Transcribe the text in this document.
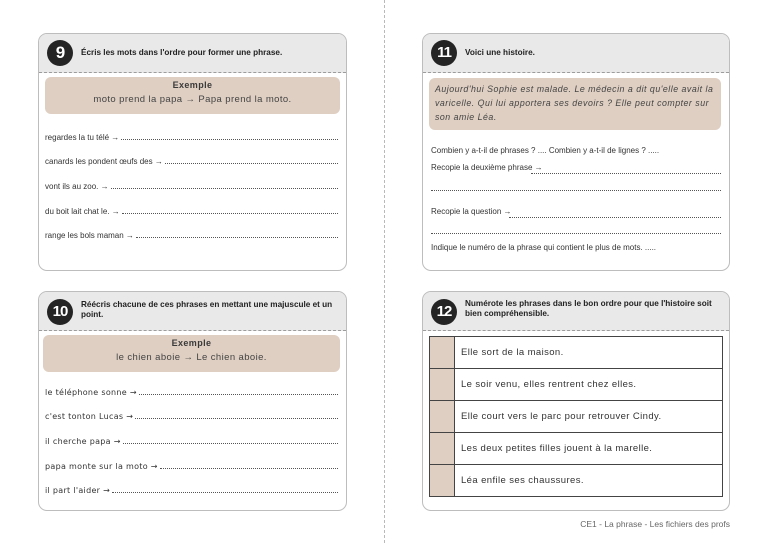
9	Écris les mots dans l'ordre pour former une phrase.
Exemple
moto prend la papa → Papa prend la moto.
regardes la tu télé →
canards les pondent œufs des →
vont ils au zoo. →
du boit lait chat le. →
range les bols maman →
10	Réécris chacune de ces phrases en mettant une majuscule et un point.
Exemple
le chien aboie → Le chien aboie.
le téléphone sonne →
c'est tonton Lucas →
il cherche papa →
papa monte sur la moto →
il part l'aider →
11	Voici une histoire.
Aujourd'hui Sophie est malade. Le médecin a dit qu'elle avait la varicelle. Qui lui apportera ses devoirs ? Elle peut compter sur son amie Léa.
Combien y a-t-il de phrases ? .... Combien y a-t-il de lignes ? .....
Recopie la deuxième phrase →
Recopie la question →
Indique le numéro de la phrase qui contient le plus de mots. .....
12	Numérote les phrases dans le bon ordre pour que l'histoire soit bien compréhensible.
Elle sort de la maison.
Le soir venu, elles rentrent chez elles.
Elle court vers le parc pour retrouver Cindy.
Les deux petites filles jouent à la marelle.
Léa enfile ses chaussures.
CE1 - La phrase - Les fichiers des profs
